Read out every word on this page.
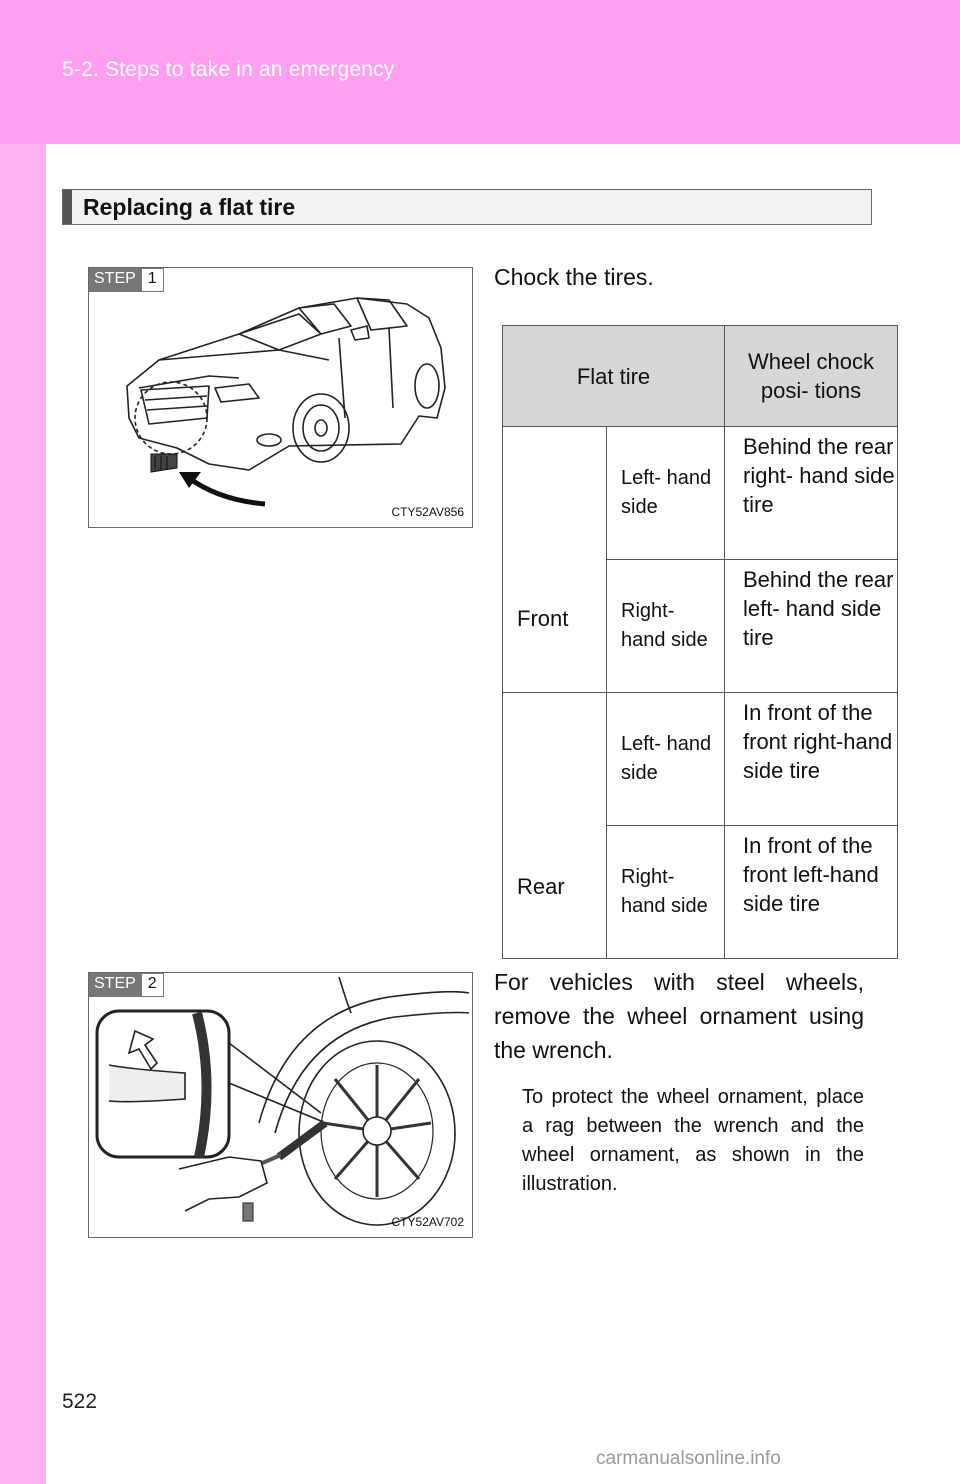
5-2. Steps to take in an emergency
Replacing a flat tire
STEP 1
CTY52AV856
Chock the tires.
Flat tire		Wheel chock posi- tions
Front	Left- hand side	Behind the rear right- hand side tire
	Right- hand side	Behind the rear left- hand side tire
Rear	Left- hand side	In front of the front right-hand side tire
	Right- hand side	In front of the front left-hand side tire
STEP 2
CTY52AV702
For vehicles with steel wheels, remove the wheel ornament using the wrench.
To protect the wheel ornament, place a rag between the wrench and the wheel ornament, as shown in the illustration.
522
carmanualsonline.info
